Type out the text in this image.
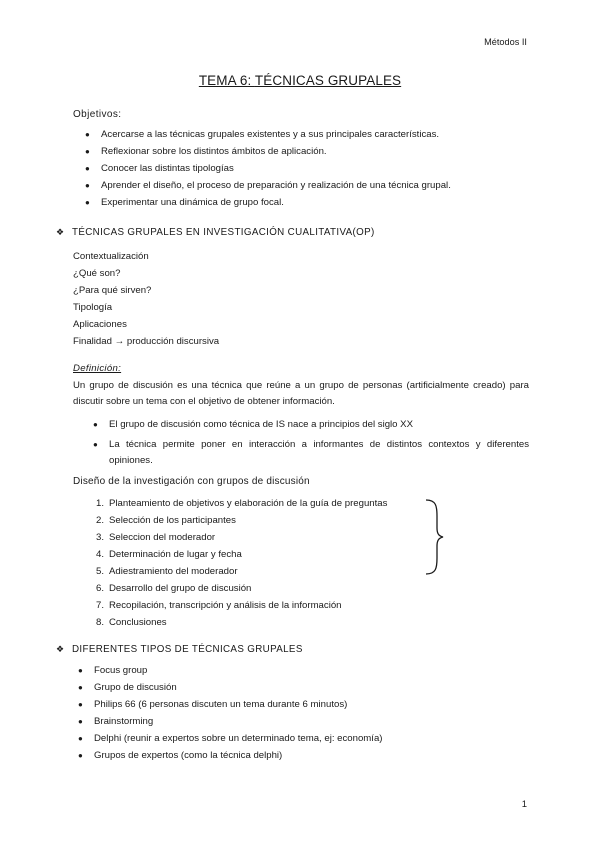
Métodos II
TEMA 6: TÉCNICAS GRUPALES
Objetivos:
● Acercarse a las técnicas grupales existentes y a sus principales características.
● Reflexionar sobre los distintos ámbitos de aplicación.
● Conocer las distintas tipologías
● Aprender el diseño, el proceso de preparación y realización de una técnica grupal.
● Experimentar una dinámica de grupo focal.
❖ TÉCNICAS GRUPALES EN INVESTIGACIÓN CUALITATIVA(OP)
Contextualización
¿Qué son?
¿Para qué sirven?
Tipología
Aplicaciones
Finalidad → producción discursiva
Definición:
Un grupo de discusión es una técnica que reúne a un grupo de personas (artificialmente creado) para discutir sobre un tema con el objetivo de obtener información.
● El grupo de discusión como técnica de IS nace a principios del siglo XX
● La técnica permite poner en interacción a informantes de distintos contextos y diferentes opiniones.
Diseño de la investigación con grupos de discusión
1. Planteamiento de objetivos y elaboración de la guía de preguntas
2. Selección de los participantes
3. Seleccion del moderador
4. Determinación de lugar y fecha
5. Adiestramiento del moderador
6. Desarrollo del grupo de discusión
7. Recopilación, transcripción y análisis de la información
8. Conclusiones
❖ DIFERENTES TIPOS DE TÉCNICAS GRUPALES
● Focus group
● Grupo de discusión
● Philips 66 (6 personas discuten un tema durante 6 minutos)
● Brainstorming
● Delphi (reunir a expertos sobre un determinado tema, ej: economía)
● Grupos de expertos (como la técnica delphi)
1
